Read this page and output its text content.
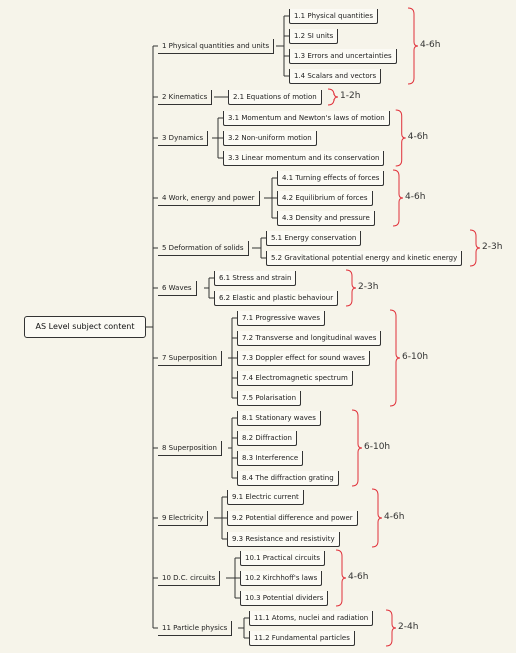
AS Level subject content
1 Physical quantities and units
1.1 Physical quantities
1.2 SI units
1.3 Errors and uncertainties
1.4 Scalars and vectors
4-6h
2 Kinematics	2.1 Equations of motion	1-2h
3 Dynamics
3.1 Momentum and Newton's laws of motion
3.2 Non-uniform motion
3.3 Linear momentum and its conservation
4-6h
4 Work, energy and power
4.1 Turning effects of forces
4.2 Equilibrium of forces
4.3 Density and pressure
4-6h
5 Deformation of solids
5.1 Energy conservation
5.2 Gravitational potential energy and kinetic energy
2-3h
6 Waves
6.1 Stress and strain
6.2 Elastic and plastic behaviour
2-3h
7 Superposition
7.1 Progressive waves
7.2 Transverse and longitudinal waves
7.3 Doppler effect for sound waves
7.4 Electromagnetic spectrum
7.5 Polarisation
6-10h
8 Superposition
8.1 Stationary waves
8.2 Diffraction
8.3 Interference
8.4 The diffraction grating
6-10h
9 Electricity
9.1 Electric current
9.2 Potential difference and power
9.3 Resistance and resistivity
4-6h
10 D.C. circuits
10.1 Practical circuits
10.2 Kirchhoff's laws
10.3 Potential dividers
4-6h
11 Particle physics
11.1 Atoms, nuclei and radiation
11.2 Fundamental particles
2-4h
